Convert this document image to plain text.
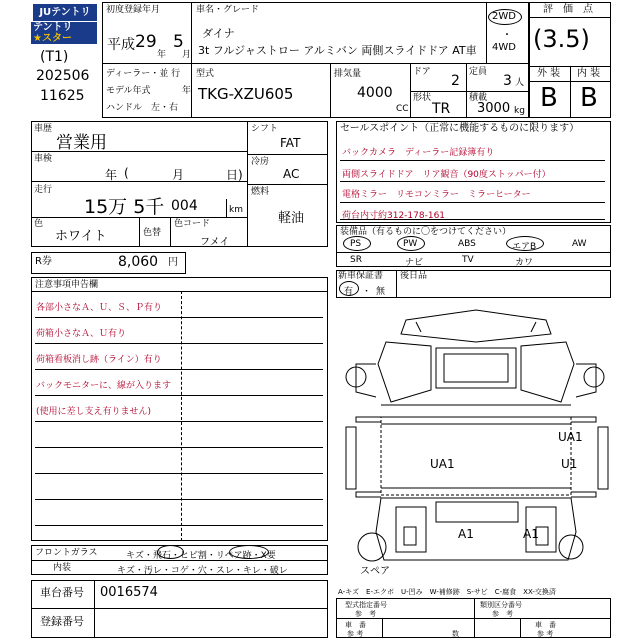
JUテントリ
テントリ
★スター
(T1)
202506
11625
初度登録年月
平成 29
年
5
月
車名・グレード
ダイナ
3t フルジャストロー アルミバン 両側スライドドア AT車
2WD
・
4WD
ディーラー・並 行
モデル年式	年
ハンドル　左・右
型式
TKG-XZU605
排気量
4000
CC
ドア
2
定員
3 人
形状
TR
積載
3000 kg
評　価　点
(3.5)
外 装 内 装
B B
車歴
営業用
車検
年 (	月	日)
走行
15万 5千 004	km
色
ホワイト	色替
色コード
フメイ
シフト
FAT
冷房
AC
燃料
軽油
R券	8,060 円
セールスポイント（正常に機能するものに限ります）
バックカメラ　ディーラー記録簿有り
両側スライドドア　リア観音（90度ストッパー付）
電格ミラー　リモコンミラー　ミラーヒーター
荷台内寸約312-178-161
装備品（有るものに〇をつけてください）
PS	PW	ABS	エアB	AW
SR	ナビ	TV	カワ
新車保証書
有 ・ 無
後日品
注意事項申告欄
各部小さなＡ、Ｕ、Ｓ、Ｐ有り
荷箱小さなＡ、Ｕ有り
荷箱看板消し跡（ライン）有り
バックモニターに、線が入ります
(使用に差し支え有りません)
UA1
U1
UA1
A1	A1
スペア
フロントガラス	キズ・飛石・ヒビ割・リペア跡・X要
内装	キズ・汚レ・コゲ・穴・スレ・キレ・破レ
車台番号 0016574
登録番号
A-キズ　E-エクボ　U-凹み　W-補修跡　S-サビ　C-腐食　XX-交換済
型式指定番号
参　考
類別区分番号
参　考
車　番
参 考	数
車　番
参 考
